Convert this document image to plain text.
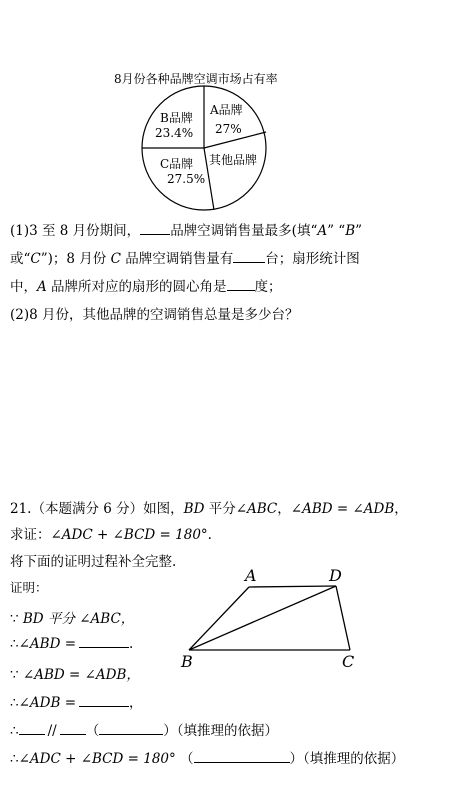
8月份各种品牌空调市场占有率
A品牌
27%
B品牌
23.4%
C品牌
27.5%
其他品牌
(1)3 至 8 月份期间， 品牌空调销售量最多(填“A” “B”
或“C”)；8 月份 C 品牌空调销售量有 台；扇形统计图
中，A 品牌所对应的扇形的圆心角是 度；
(2)8 月份，其他品牌的空调销售总量是多少台？
21.（本题满分 6 分）如图，BD 平分∠ABC，∠ABD = ∠ADB，
求证：∠ADC + ∠BCD = 180°.
将下面的证明过程补全完整.
证明：
∵ BD 平分 ∠ABC，
∴∠ABD =	.
∵ ∠ABD = ∠ADB，
∴∠ADB =	，
∴ // （	）（填推理的依据）
∴∠ADC + ∠BCD = 180° （	）（填推理的依据）
A	D
B	C
